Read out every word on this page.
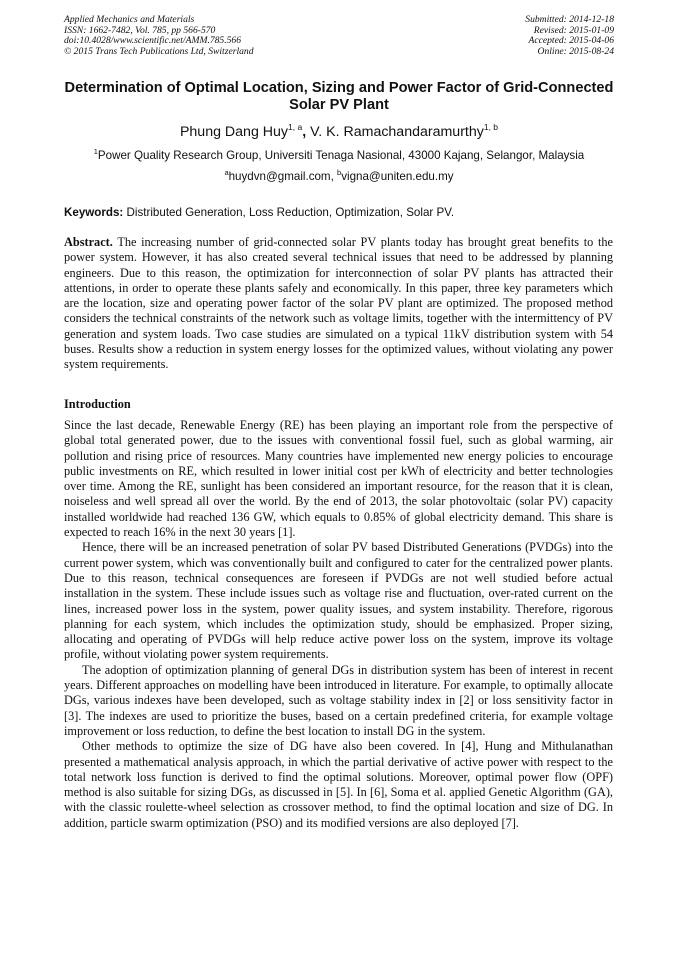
Applied Mechanics and Materials
ISSN: 1662-7482, Vol. 785, pp 566-570
doi:10.4028/www.scientific.net/AMM.785.566
© 2015 Trans Tech Publications Ltd, Switzerland
Submitted: 2014-12-18
Revised: 2015-01-09
Accepted: 2015-04-06
Online: 2015-08-24
Determination of Optimal Location, Sizing and Power Factor of Grid-Connected Solar PV Plant
Phung Dang Huy$^{1, a}$, V. K. Ramachandaramurthy$^{1, b}$
$^1$Power Quality Research Group, Universiti Tenaga Nasional, 43000 Kajang, Selangor, Malaysia
$^a$huydvn@gmail.com, $^b$vigna@uniten.edu.my
Keywords: Distributed Generation, Loss Reduction, Optimization, Solar PV.
Abstract. The increasing number of grid-connected solar PV plants today has brought great benefits to the power system. However, it has also created several technical issues that need to be addressed by planning engineers. Due to this reason, the optimization for interconnection of solar PV plants has attracted their attentions, in order to operate these plants safely and economically. In this paper, three key parameters which are the location, size and operating power factor of the solar PV plant are optimized. The proposed method considers the technical constraints of the network such as voltage limits, together with the intermittency of PV generation and system loads. Two case studies are simulated on a typical 11kV distribution system with 54 buses. Results show a reduction in system energy losses for the optimized values, without violating any power system requirements.
Introduction

Since the last decade, Renewable Energy (RE) has been playing an important role from the perspective of global total generated power, due to the issues with conventional fossil fuel, such as global warming, air pollution and rising price of resources. Many countries have implemented new energy policies to encourage public investments on RE, which resulted in lower initial cost per kWh of electricity and better technologies over time. Among the RE, sunlight has been considered an important resource, for the reason that it is clean, noiseless and well spread all over the world. By the end of 2013, the solar photovoltaic (solar PV) capacity installed worldwide had reached 136 GW, which equals to 0.85% of global electricity demand. This share is expected to reach 16% in the next 30 years [1].

Hence, there will be an increased penetration of solar PV based Distributed Generations (PVDGs) into the current power system, which was conventionally built and configured to cater for the centralized power plants. Due to this reason, technical consequences are foreseen if PVDGs are not well studied before actual installation in the system. These include issues such as voltage rise and fluctuation, over-rated current on the lines, increased power loss in the system, power quality issues, and system instability. Therefore, rigorous planning for each system, which includes the optimization study, should be emphasized. Proper sizing, allocating and operating of PVDGs will help reduce active power loss on the system, improve its voltage profile, without violating power system requirements.

The adoption of optimization planning of general DGs in distribution system has been of interest in recent years. Different approaches on modelling have been introduced in literature. For example, to optimally allocate DGs, various indexes have been developed, such as voltage stability index in [2] or loss sensitivity factor in [3]. The indexes are used to prioritize the buses, based on a certain predefined criteria, for example voltage improvement or loss reduction, to define the best location to install DG in the system.

Other methods to optimize the size of DG have also been covered. In [4], Hung and Mithulanathan presented a mathematical analysis approach, in which the partial derivative of active power with respect to the total network loss function is derived to find the optimal solutions. Moreover, optimal power flow (OPF) method is also suitable for sizing DGs, as discussed in [5]. In [6], Soma et al. applied Genetic Algorithm (GA), with the classic roulette-wheel selection as crossover method, to find the optimal location and size of DG. In addition, particle swarm optimization (PSO) and its modified versions are also deployed [7].
